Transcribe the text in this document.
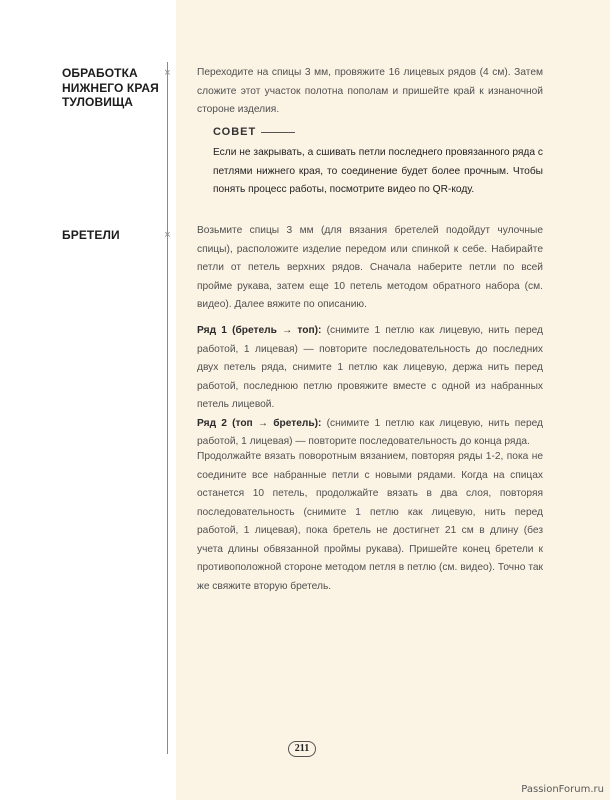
×
×
ОБРАБОТКА
НИЖНЕГО КРАЯ
ТУЛОВИЩА
Переходите на спицы 3 мм, провяжите 16 лицевых рядов (4 см). Затем сложите этот участок полотна пополам и пришейте край к изнаночной стороне изделия.
СОВЕТ
Если не закрывать, а сшивать петли последнего провязанного ряда с петлями нижнего края, то соединение будет более прочным. Чтобы понять процесс работы, посмотрите видео по QR-коду.
БРЕТЕЛИ	Возьмите спицы 3 мм (для вязания бретелей подойдут чулочные спицы), расположите изделие передом или спинкой к себе. Набирайте петли от петель верхних рядов. Сначала наберите петли по всей пройме рукава, затем еще 10 петель методом обратного набора (см. видео). Далее вяжите по описанию.
Ряд 1 (бретель → топ): (снимите 1 петлю как лицевую, нить перед работой, 1 лицевая) — повторите последовательность до последних двух петель ряда, снимите 1 петлю как лицевую, держа нить перед работой, последнюю петлю провяжите вместе с одной из набранных петель лицевой.
Ряд 2 (топ → бретель): (снимите 1 петлю как лицевую, нить перед работой, 1 лицевая) — повторите последовательность до конца ряда.
Продолжайте вязать поворотным вязанием, повторяя ряды 1‑2, пока не соедините все набранные петли с новыми рядами. Когда на спицах останется 10 петель, продолжайте вязать в два слоя, повторяя последовательность (снимите 1 петлю как лицевую, нить перед работой, 1 лицевая), пока бретель не достигнет 21 см в длину (без учета длины обвязанной проймы рукава). Пришейте конец бретели к противоположной стороне методом петля в петлю (см. видео). Точно так же свяжите вторую бретель.
211
PassionForum.ru
